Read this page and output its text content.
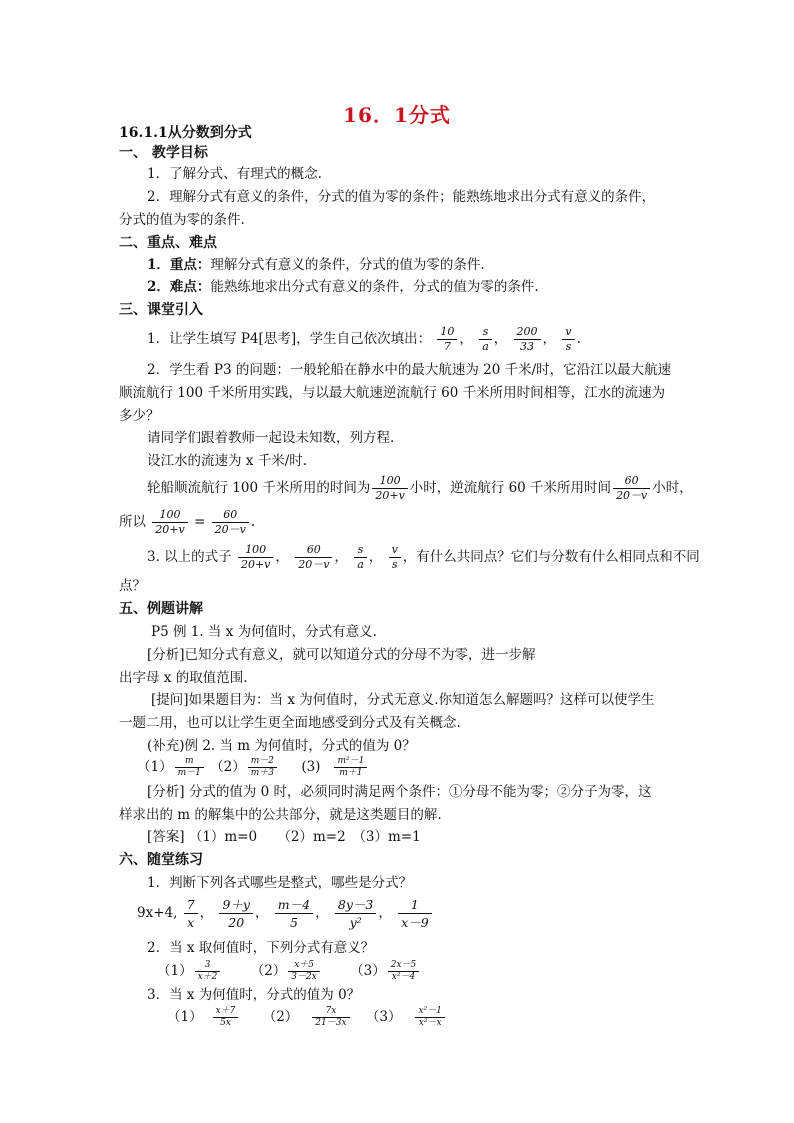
16．1分式
16.1.1从分数到分式
一、 教学目标
1．了解分式、有理式的概念.
2．理解分式有意义的条件，分式的值为零的条件；能熟练地求出分式有意义的条件，
分式的值为零的条件.
二、重点、难点
1．重点：理解分式有意义的条件，分式的值为零的条件.
2．难点：能熟练地求出分式有意义的条件，分式的值为零的条件.
三、课堂引入
1．让学生填写 P4[思考]，学生自己依次填出： $\frac{10}{7}$ ， $\frac{s}{a}$ ， $\frac{200}{33}$ ， $\frac{v}{s}$ .
2．学生看 P3 的问题：一般轮船在静水中的最大航速为 20 千米/时，它沿江以最大航速
顺流航行 100 千米所用实践，与以最大航速逆流航行 60 千米所用时间相等，江水的流速为
多少？
请同学们跟着教师一起设未知数，列方程.
设江水的流速为 x 千米/时.
轮船顺流航行 100 千米所用的时间为 $\frac{100}{20+v}$ 小时，逆流航行 60 千米所用时间 $\frac{60}{20-v}$ 小时，
所以 $\frac{100}{20+v} = \frac{60}{20-v}$ .
3. 以上的式子 $\frac{100}{20+v}$ ， $\frac{60}{20-v}$ ， $\frac{s}{a}$ ， $\frac{v}{s}$ ，有什么共同点？它们与分数有什么相同点和不同
点？
五、例题讲解
P5 例 1. 当 x 为何值时，分式有意义.
[分析]已知分式有意义，就可以知道分式的分母不为零，进一步解
出字母 x 的取值范围.
[提问]如果题目为：当 x 为何值时，分式无意义.你知道怎么解题吗？这样可以使学生
一题二用，也可以让学生更全面地感受到分式及有关概念.
(补充)例 2. 当 m 为何值时，分式的值为 0？
$(1) \frac{m}{m-1} (2) \frac{m-2}{m+3} (3) \frac{\text{m²－1}}{m+1}$
[分析] 分式的值为 0 时，必须同时满足两个条件：①分母不能为零；②分子为零，这
样求出的 m 的解集中的公共部分，就是这类题目的解.
[答案] （1）m=0　　（2）m=2　（3）m=1
六、随堂练习
1．判断下列各式哪些是整式，哪些是分式？
9x+4, $\frac{7}{x}$ ， $\frac{9+y}{20}$ ， $\frac{m-4}{5}$ ， $\frac{8y-3}{\text{y²}}$ ， $\frac{1}{x-9}$
2．当 x 取何值时，下列分式有意义？
$(1) \frac{3}{x+2} (2) \frac{x+5}{3-2x} (3) \frac{2x-5}{\text{x²－4}}$
3．当 x 为何值时，分式的值为 0？
$(1) \frac{x+7}{5x} (2) \frac{7x}{21-3x} (3) \frac{\text{x²－1}}{\text{x²－x}}$
